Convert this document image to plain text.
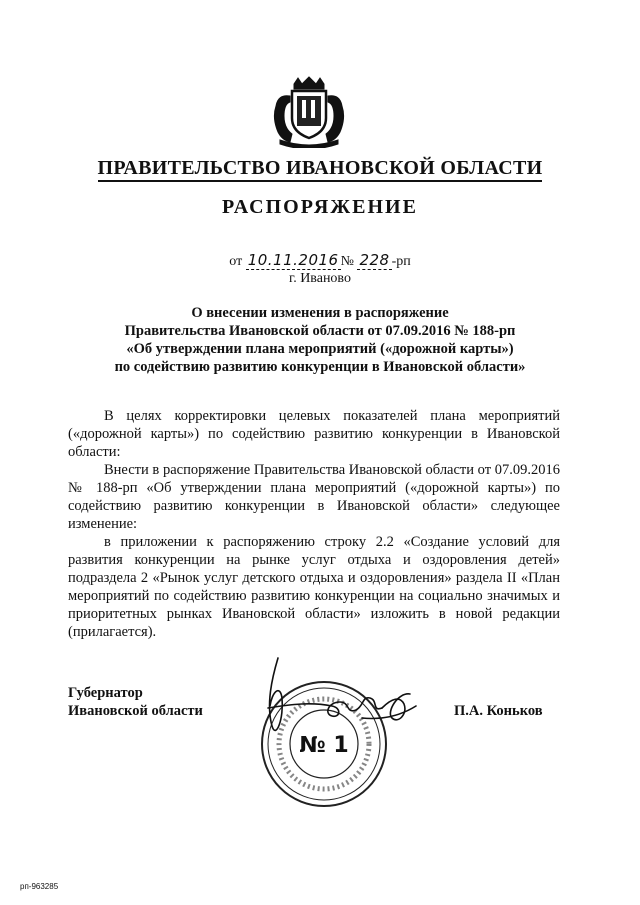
ПРАВИТЕЛЬСТВО ИВАНОВСКОЙ ОБЛАСТИ
РАСПОРЯЖЕНИЕ
от 10.11.2016 № 228 -рп
г. Иваново
О внесении изменения в распоряжение
Правительства Ивановской области от 07.09.2016 № 188-рп
«Об утверждении плана мероприятий («дорожной карты»)
по содействию развитию конкуренции в Ивановской области»

В целях корректировки целевых показателей плана мероприятий («дорожной карты») по содействию развитию конкуренции в Ивановской области:

Внести в распоряжение Правительства Ивановской области от 07.09.2016 № 188-рп «Об утверждении плана мероприятий («дорожной карты») по содействию развитию конкуренции в Ивановской области» следующее изменение:

в приложении к распоряжению строку 2.2 «Создание условий для развития конкуренции на рынке услуг отдыха и оздоровления детей» подраздела 2 «Рынок услуг детского отдыха и оздоровления» раздела II «План мероприятий по содействию развитию конкуренции на социально значимых и приоритетных рынках Ивановской области» изложить в новой редакции (прилагается).

Губернатор
Ивановской области
№ 1
П.А. Коньков
рп-963285
